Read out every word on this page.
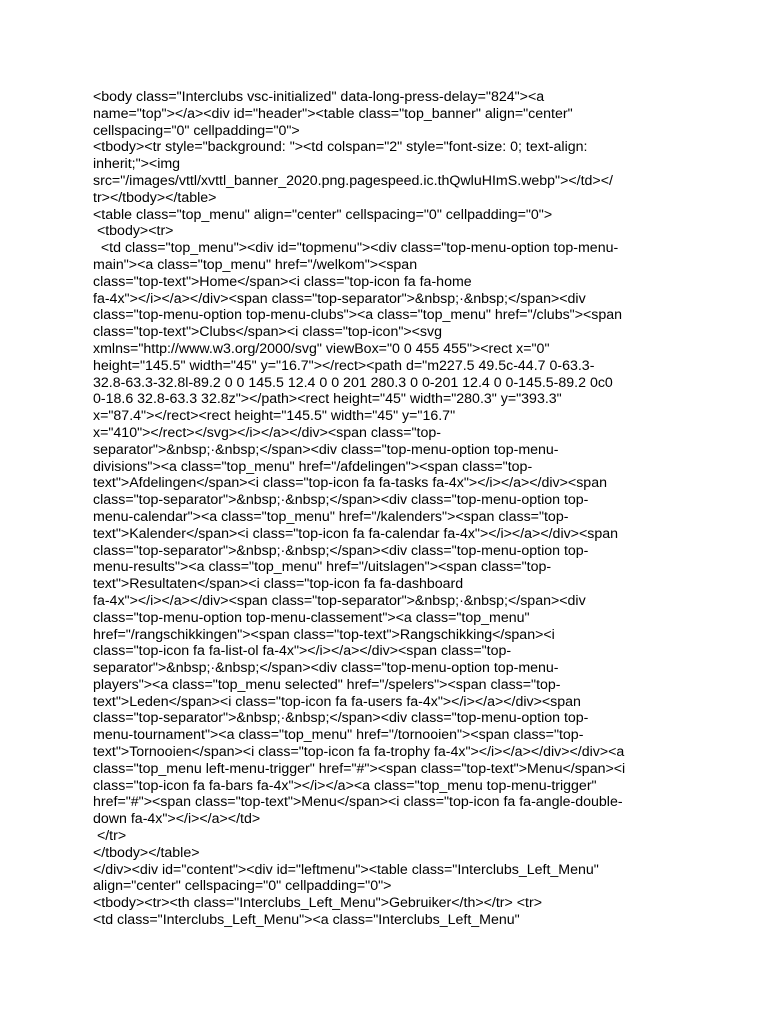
<body class="Interclubs vsc-initialized" data-long-press-delay="824"><a
name="top"></a><div id="header"><table class="top_banner" align="center"
cellspacing="0" cellpadding="0">
<tbody><tr style="background: "><td colspan="2" style="font-size: 0; text-align:
inherit;"><img
src="/images/vttl/xvttl_banner_2020.png.pagespeed.ic.thQwluHImS.webp"></td></
tr></tbody></table>
<table class="top_menu" align="center" cellspacing="0" cellpadding="0">
<tbody><tr>
<td class="top_menu"><div id="topmenu"><div class="top-menu-option top-menu-
main"><a class="top_menu" href="/welkom"><span
class="top-text">Home</span><i class="top-icon fa fa-home
fa-4x"></i></a></div><span class="top-separator">&nbsp;·&nbsp;</span><div
class="top-menu-option top-menu-clubs"><a class="top_menu" href="/clubs"><span
class="top-text">Clubs</span><i class="top-icon"><svg
xmlns="http://www.w3.org/2000/svg" viewBox="0 0 455 455"><rect x="0"
height="145.5" width="45" y="16.7"></rect><path d="m227.5 49.5c-44.7 0-63.3-
32.8-63.3-32.8l-89.2 0 0 145.5 12.4 0 0 201 280.3 0 0-201 12.4 0 0-145.5-89.2 0c0
0-18.6 32.8-63.3 32.8z"></path><rect height="45" width="280.3" y="393.3"
x="87.4"></rect><rect height="145.5" width="45" y="16.7"
x="410"></rect></svg></i></a></div><span class="top-
separator">&nbsp;·&nbsp;</span><div class="top-menu-option top-menu-
divisions"><a class="top_menu" href="/afdelingen"><span class="top-
text">Afdelingen</span><i class="top-icon fa fa-tasks fa-4x"></i></a></div><span
class="top-separator">&nbsp;·&nbsp;</span><div class="top-menu-option top-
menu-calendar"><a class="top_menu" href="/kalenders"><span class="top-
text">Kalender</span><i class="top-icon fa fa-calendar fa-4x"></i></a></div><span
class="top-separator">&nbsp;·&nbsp;</span><div class="top-menu-option top-
menu-results"><a class="top_menu" href="/uitslagen"><span class="top-
text">Resultaten</span><i class="top-icon fa fa-dashboard
fa-4x"></i></a></div><span class="top-separator">&nbsp;·&nbsp;</span><div
class="top-menu-option top-menu-classement"><a class="top_menu"
href="/rangschikkingen"><span class="top-text">Rangschikking</span><i
class="top-icon fa fa-list-ol fa-4x"></i></a></div><span class="top-
separator">&nbsp;·&nbsp;</span><div class="top-menu-option top-menu-
players"><a class="top_menu selected" href="/spelers"><span class="top-
text">Leden</span><i class="top-icon fa fa-users fa-4x"></i></a></div><span
class="top-separator">&nbsp;·&nbsp;</span><div class="top-menu-option top-
menu-tournament"><a class="top_menu" href="/tornooien"><span class="top-
text">Tornooien</span><i class="top-icon fa fa-trophy fa-4x"></i></a></div></div><a
class="top_menu left-menu-trigger" href="#"><span class="top-text">Menu</span><i
class="top-icon fa fa-bars fa-4x"></i></a><a class="top_menu top-menu-trigger"
href="#"><span class="top-text">Menu</span><i class="top-icon fa fa-angle-double-
down fa-4x"></i></a></td>
</tr>
</tbody></table>
</div><div id="content"><div id="leftmenu"><table class="Interclubs_Left_Menu"
align="center" cellspacing="0" cellpadding="0">
<tbody><tr><th class="Interclubs_Left_Menu">Gebruiker</th></tr> <tr>
<td class="Interclubs_Left_Menu"><a class="Interclubs_Left_Menu"
